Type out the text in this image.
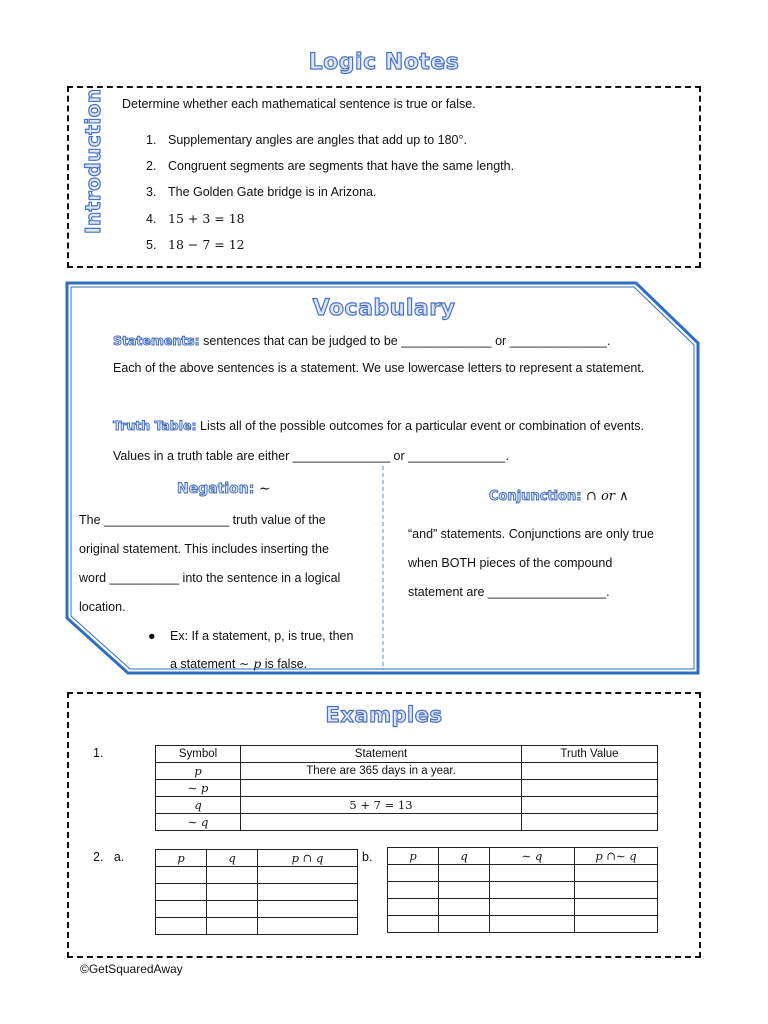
Logic Notes
Introduction Determine whether each mathematical sentence is true or false.
1. Supplementary angles are angles that add up to 180°.
2. Congruent segments are segments that have the same length.
3. The Golden Gate bridge is in Arizona.
4. 15 + 3 = 18
5. 18 − 7 = 12
Vocabulary
Statements: sentences that can be judged to be _____________ or ______________.
Each of the above sentences is a statement. We use lowercase letters to represent a statement.
Truth Table: Lists all of the possible outcomes for a particular event or combination of events.
Values in a truth table are either ______________ or ______________.
Negation: ∼
The __________________ truth value of the
original statement. This includes inserting the
word __________ into the sentence in a logical
location.
● Ex: If a statement, p, is true, then
a statement ∼ p is false.
Conjunction: ∩ or ∧
“and” statements. Conjunctions are only true
when BOTH pieces of the compound
statement are _________________.
Examples
1.	Symbol	Statement	Truth Value
p	There are 365 days in a year.	
∼ p		
q	5 + 7 = 13	
∼ q		
2. a.	p	q	p ∩ q

			b.	p	q	∼ q	p ∩∼ q

©GetSquaredAway
